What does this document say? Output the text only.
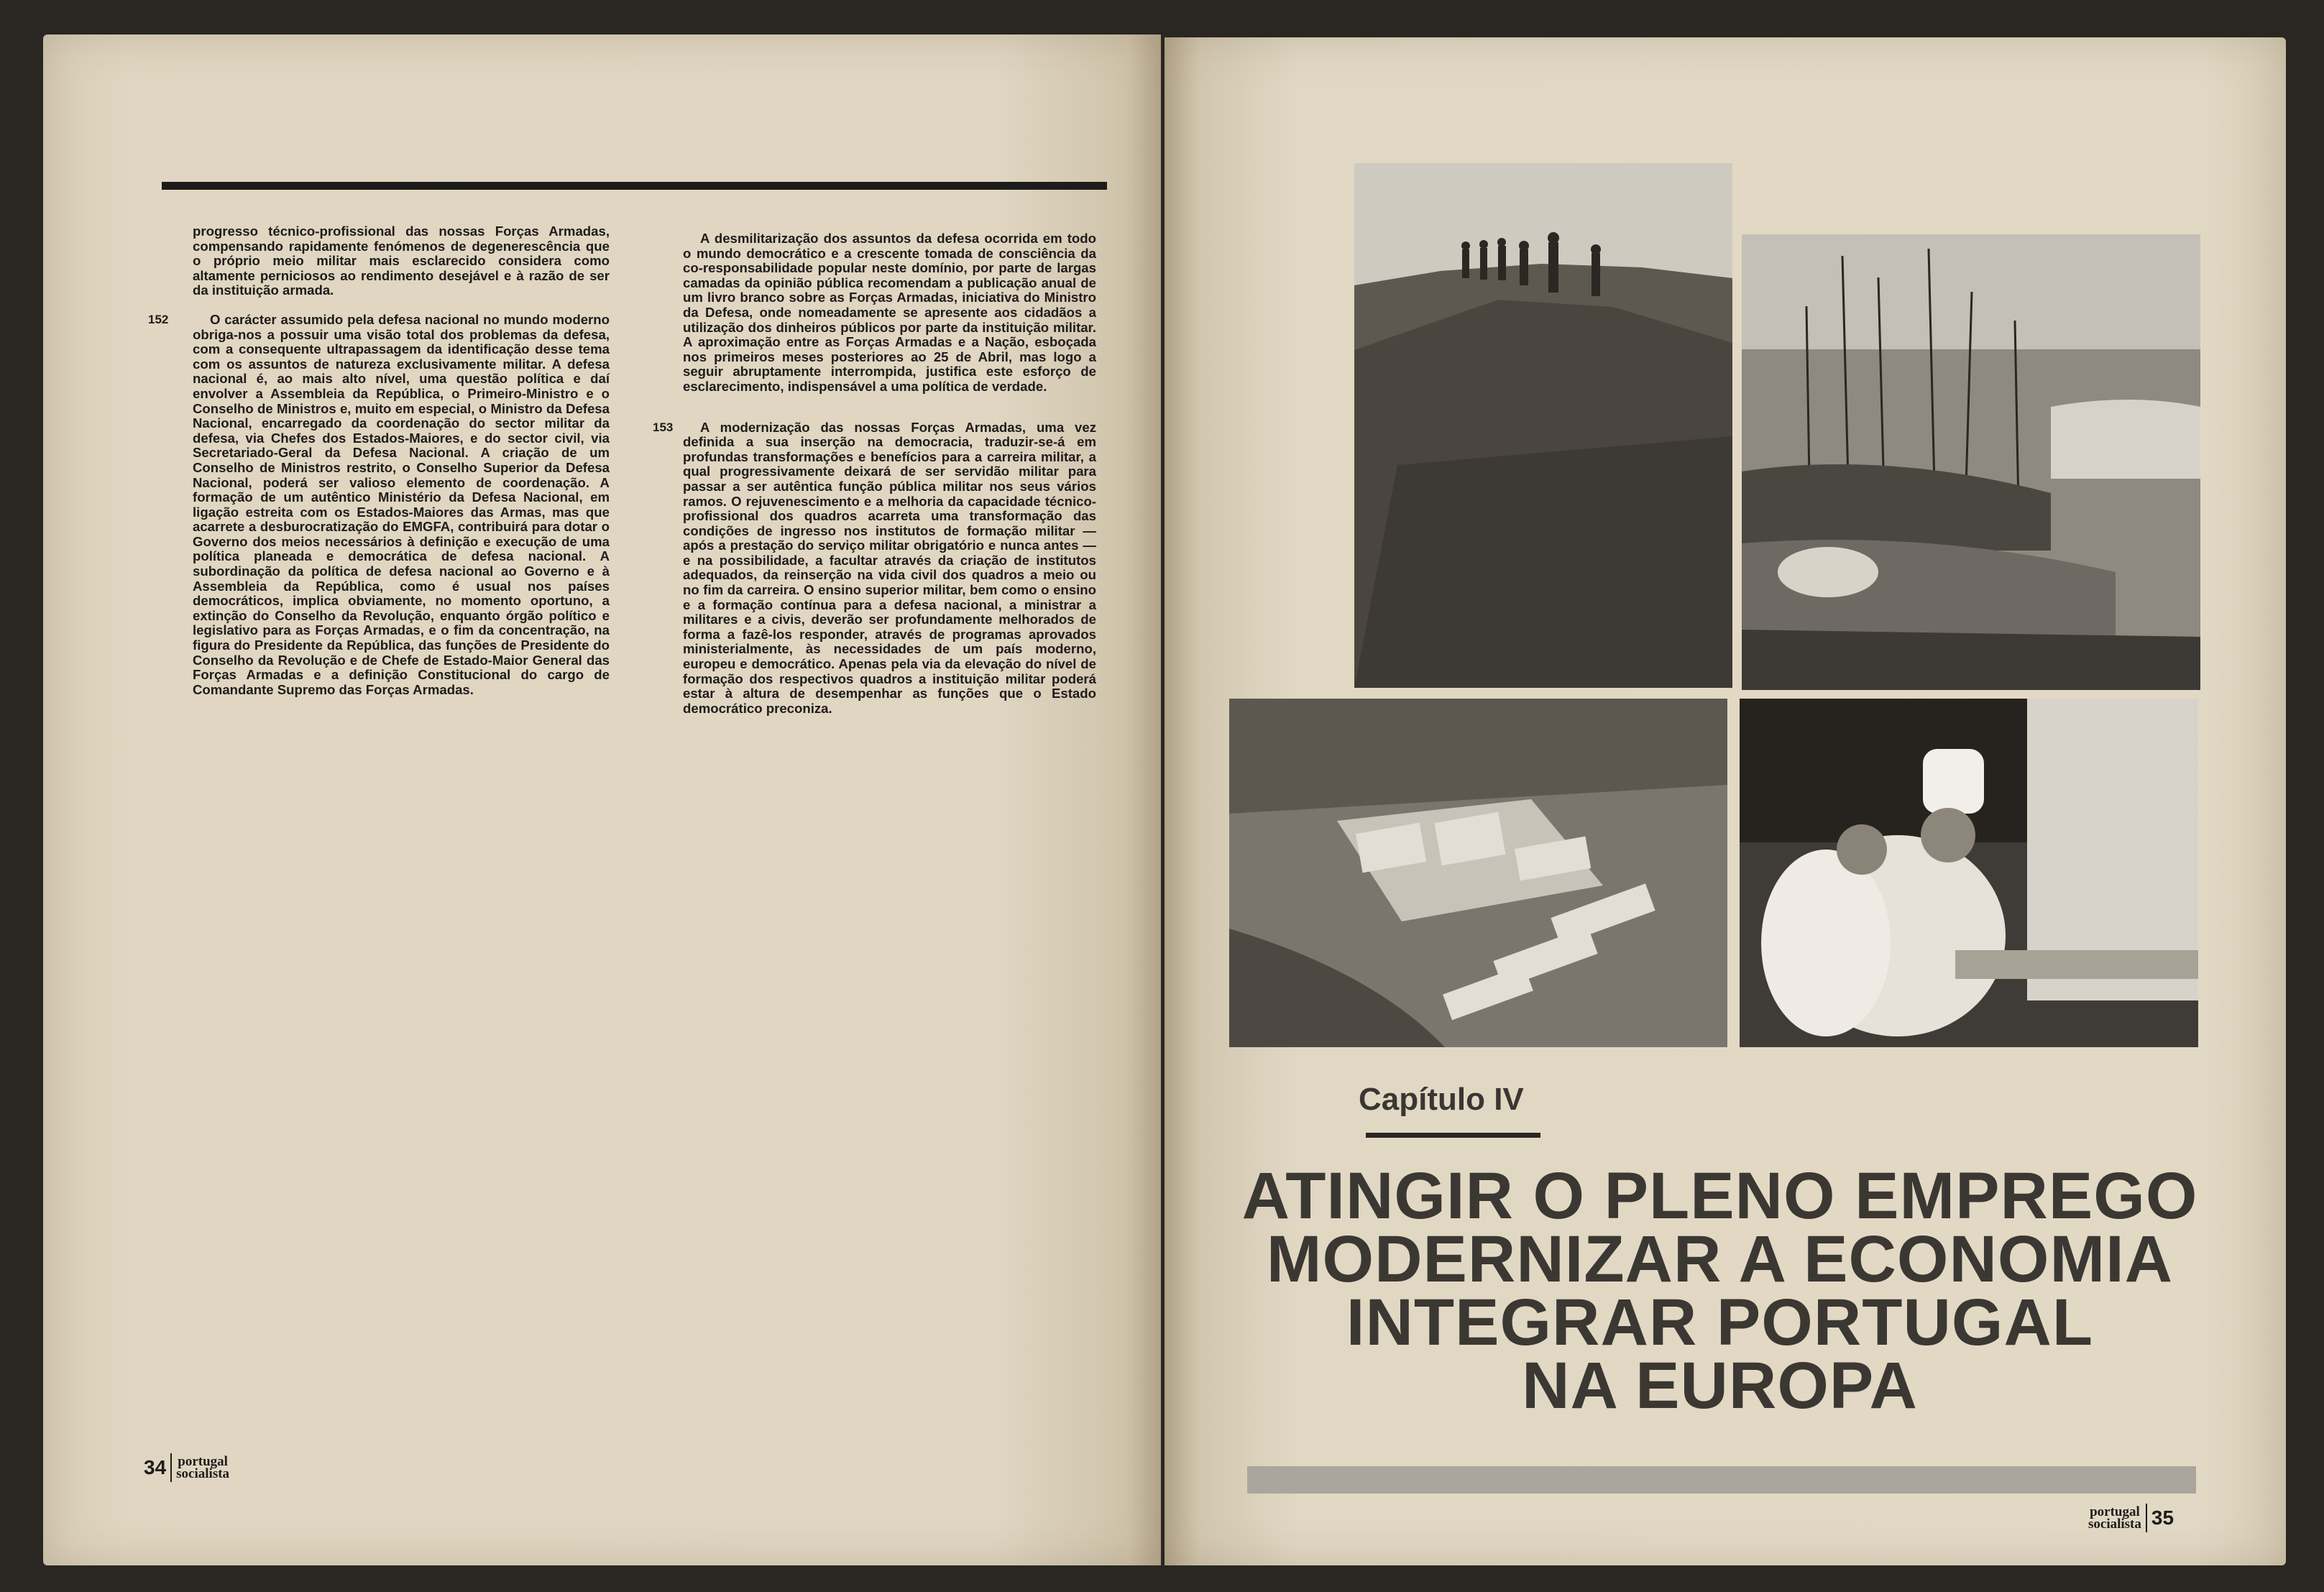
progresso técnico-profissional das nossas Forças Armadas, compensando rapidamente fenómenos de degenerescência que o próprio meio militar mais esclarecido considera como altamente perniciosos ao rendimento desejável e à razão de ser da instituição armada.

152	O carácter assumido pela defesa nacional no mundo moderno obriga-nos a possuir uma visão total dos problemas da defesa, com a consequente ultrapassagem da identificação desse tema com os assuntos de natureza exclusivamente militar. A defesa nacional é, ao mais alto nível, uma questão política e daí envolver a Assembleia da República, o Primeiro-Ministro e o Conselho de Ministros e, muito em especial, o Ministro da Defesa Nacional, encarregado da coordenação do sector militar da defesa, via Chefes dos Estados-Maiores, e do sector civil, via Secretariado-Geral da Defesa Nacional. A criação de um Conselho de Ministros restrito, o Conselho Superior da Defesa Nacional, poderá ser valioso elemento de coordenação. A formação de um autêntico Ministério da Defesa Nacional, em ligação estreita com os Estados-Maiores das Armas, mas que acarrete a desburocratização do EMGFA, contribuirá para dotar o Governo dos meios necessários à definição e execução de uma política planeada e democrática de defesa nacional. A subordinação da política de defesa nacional ao Governo e à Assembleia da República, como é usual nos países democráticos, implica obviamente, no momento oportuno, a extinção do Conselho da Revolução, enquanto órgão político e legislativo para as Forças Armadas, e o fim da concentração, na figura do Presidente da República, das funções de Presidente do Conselho da Revolução e de Chefe de Estado-Maior General das Forças Armadas e a definição Constitucional do cargo de Comandante Supremo das Forças Armadas.

A desmilitarização dos assuntos da defesa ocorrida em todo o mundo democrático e a crescente tomada de consciência da co-responsabilidade popular neste domínio, por parte de largas camadas da opinião pública recomendam a publicação anual de um livro branco sobre as Forças Armadas, iniciativa do Ministro da Defesa, onde nomeadamente se apresente aos cidadãos a utilização dos dinheiros públicos por parte da instituição militar. A aproximação entre as Forças Armadas e a Nação, esboçada nos primeiros meses posteriores ao 25 de Abril, mas logo a seguir abruptamente interrompida, justifica este esforço de esclarecimento, indispensável a uma política de verdade.

153	A modernização das nossas Forças Armadas, uma vez definida a sua inserção na democracia, traduzir-se-á em profundas transformações e benefícios para a carreira militar, a qual progressivamente deixará de ser servidão militar para passar a ser autêntica função pública militar nos seus vários ramos. O rejuvenescimento e a melhoria da capacidade técnico-profissional dos quadros acarreta uma transformação das condições de ingresso nos institutos de formação militar — após a prestação do serviço militar obrigatório e nunca antes — e na possibilidade, a facultar através da criação de institutos adequados, da reinserção na vida civil dos quadros a meio ou no fim da carreira. O ensino superior militar, bem como o ensino e a formação contínua para a defesa nacional, a ministrar a militares e a civis, deverão ser profundamente melhorados de forma a fazê-los responder, através de programas aprovados ministerialmente, às necessidades de um país moderno, europeu e democrático. Apenas pela via da elevação do nível de formação dos respectivos quadros a instituição militar poderá estar à altura de desempenhar as funções que o Estado democrático preconiza.

34 portugal
socialista
Capítulo IV
ATINGIR O PLENO EMPREGO
MODERNIZAR A ECONOMIA
INTEGRAR PORTUGAL
NA EUROPA
portugal
socialista 35
